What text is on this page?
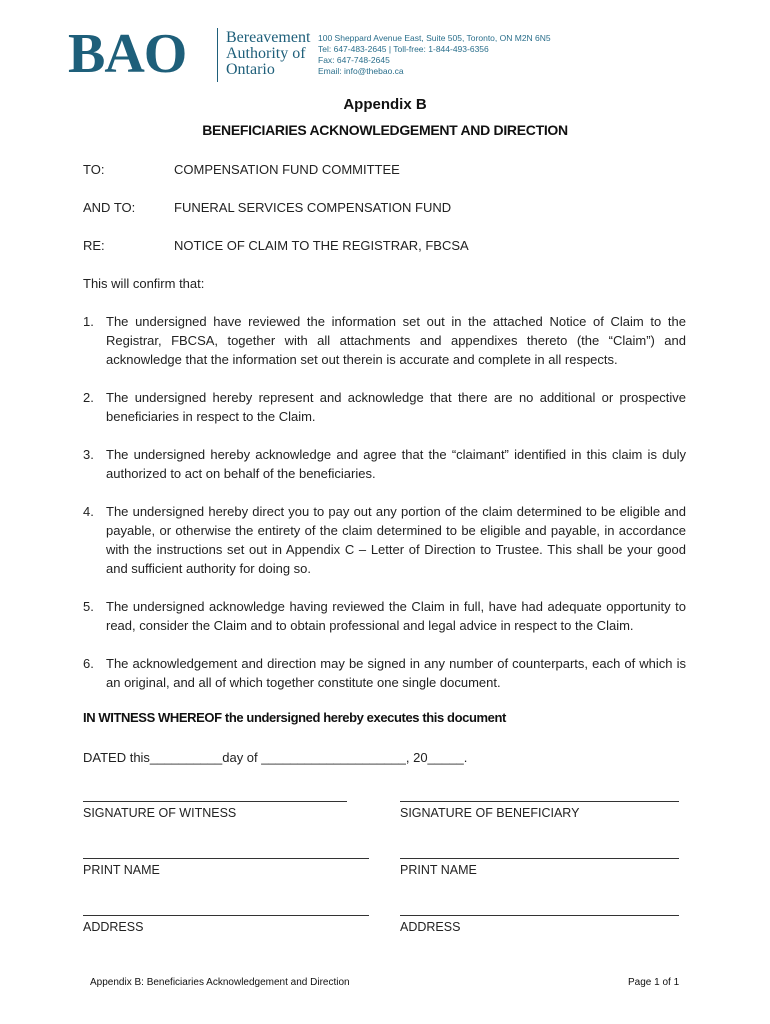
BAO Bereavement
Authority of
Ontario
100 Sheppard Avenue East, Suite 505, Toronto, ON M2N 6N5
Tel: 647-483-2645 | Toll-free: 1-844-493-6356
Fax: 647-748-2645
Email: info@thebao.ca
Appendix B
BENEFICIARIES ACKNOWLEDGEMENT AND DIRECTION
TO:	COMPENSATION FUND COMMITTEE
AND TO:	FUNERAL SERVICES COMPENSATION FUND
RE:	NOTICE OF CLAIM TO THE REGISTRAR, FBCSA
This will confirm that:
1. The undersigned have reviewed the information set out in the attached Notice of Claim to the Registrar, FBCSA, together with all attachments and appendixes thereto (the “Claim”) and acknowledge that the information set out therein is accurate and complete in all respects.
2. The undersigned hereby represent and acknowledge that there are no additional or prospective beneficiaries in respect to the Claim.
3. The undersigned hereby acknowledge and agree that the “claimant” identified in this claim is duly authorized to act on behalf of the beneficiaries.
4. The undersigned hereby direct you to pay out any portion of the claim determined to be eligible and payable, or otherwise the entirety of the claim determined to be eligible and payable, in accordance with the instructions set out in Appendix C – Letter of Direction to Trustee. This shall be your good and sufficient authority for doing so.
5. The undersigned acknowledge having reviewed the Claim in full, have had adequate opportunity to read, consider the Claim and to obtain professional and legal advice in respect to the Claim.
6. The acknowledgement and direction may be signed in any number of counterparts, each of which is an original, and all of which together constitute one single document.
IN WITNESS WHEREOF the undersigned hereby executes this document
DATED this__________day of ____________________, 20_____.
SIGNATURE OF WITNESS	SIGNATURE OF BENEFICIARY
PRINT NAME	PRINT NAME
ADDRESS	ADDRESS
Appendix B: Beneficiaries Acknowledgement and Direction	Page 1 of 1
